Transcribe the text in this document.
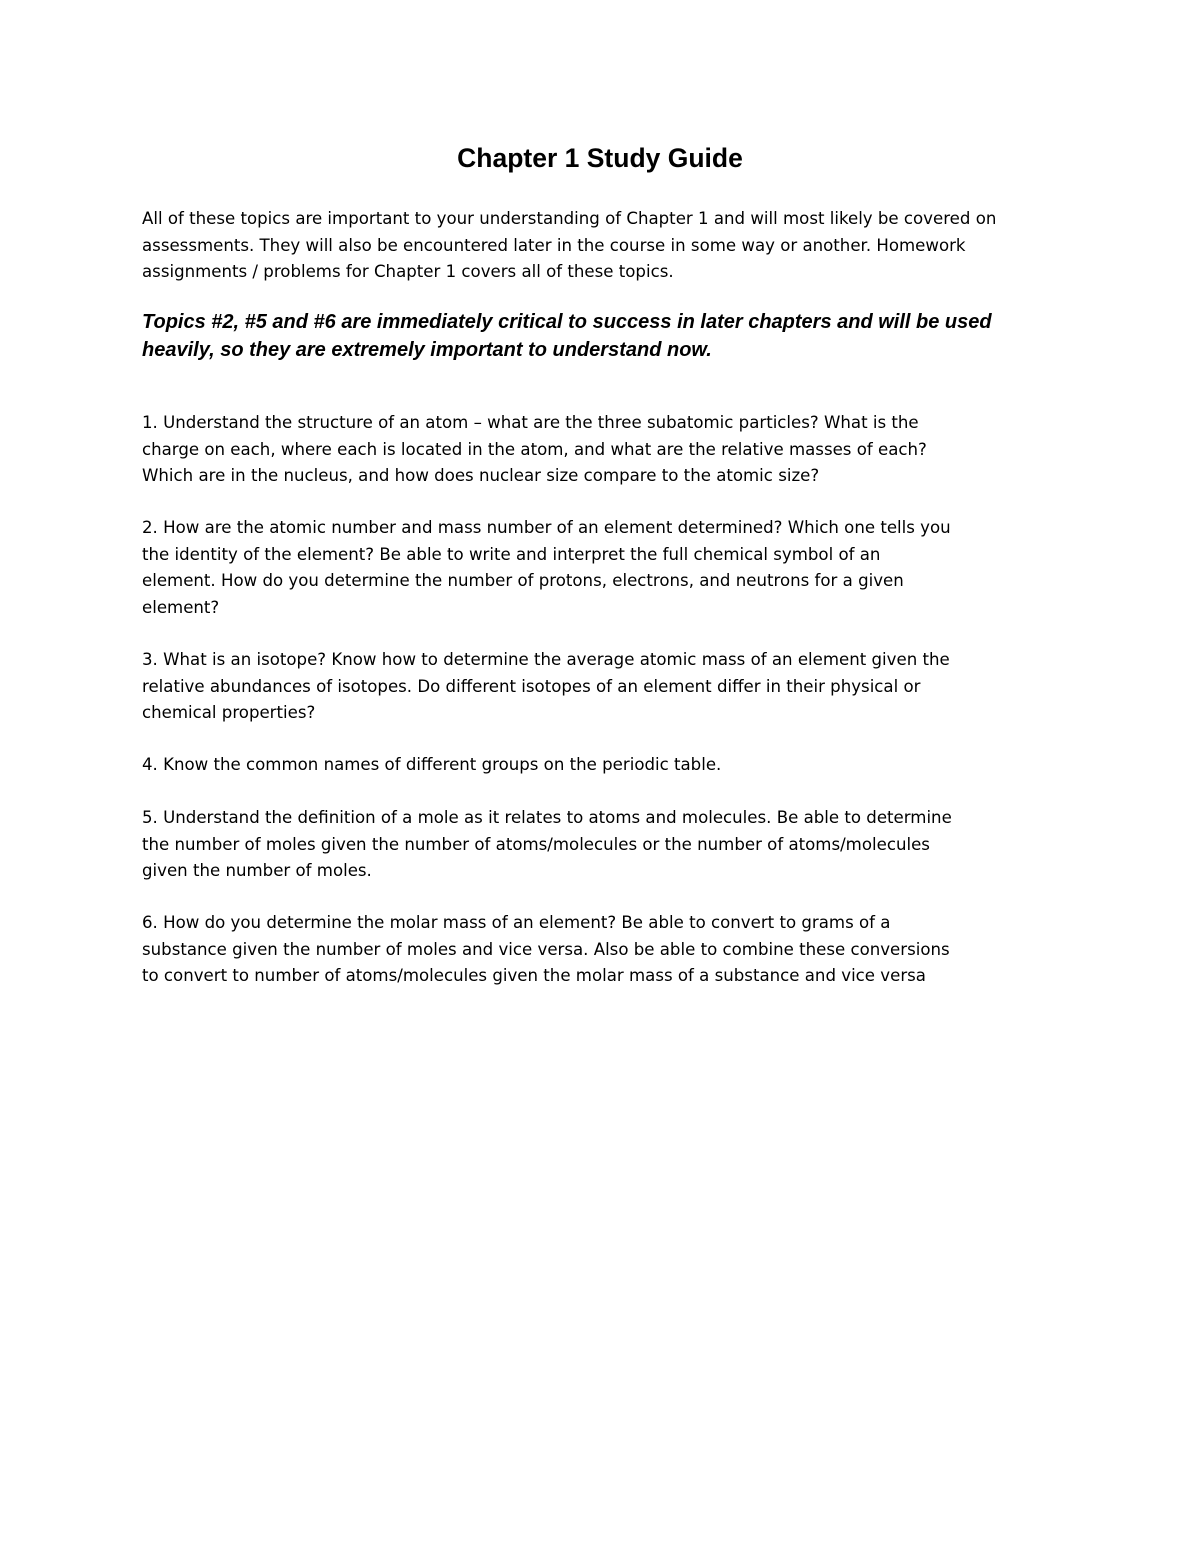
Chapter 1 Study Guide

All of these topics are important to your understanding of Chapter 1 and will most likely be covered on
assessments. They will also be encountered later in the course in some way or another. Homework
assignments / problems for Chapter 1 covers all of these topics.

Topics #2, #5 and #6 are immediately critical to success in later chapters and will be used
heavily, so they are extremely important to understand now.

1. Understand the structure of an atom – what are the three subatomic particles? What is the
charge on each, where each is located in the atom, and what are the relative masses of each?
Which are in the nucleus, and how does nuclear size compare to the atomic size?

2. How are the atomic number and mass number of an element determined? Which one tells you
the identity of the element? Be able to write and interpret the full chemical symbol of an
element. How do you determine the number of protons, electrons, and neutrons for a given
element?

3. What is an isotope? Know how to determine the average atomic mass of an element given the
relative abundances of isotopes. Do different isotopes of an element differ in their physical or
chemical properties?

4. Know the common names of different groups on the periodic table.

5. Understand the definition of a mole as it relates to atoms and molecules. Be able to determine
the number of moles given the number of atoms/molecules or the number of atoms/molecules
given the number of moles.

6. How do you determine the molar mass of an element? Be able to convert to grams of a
substance given the number of moles and vice versa. Also be able to combine these conversions
to convert to number of atoms/molecules given the molar mass of a substance and vice versa
